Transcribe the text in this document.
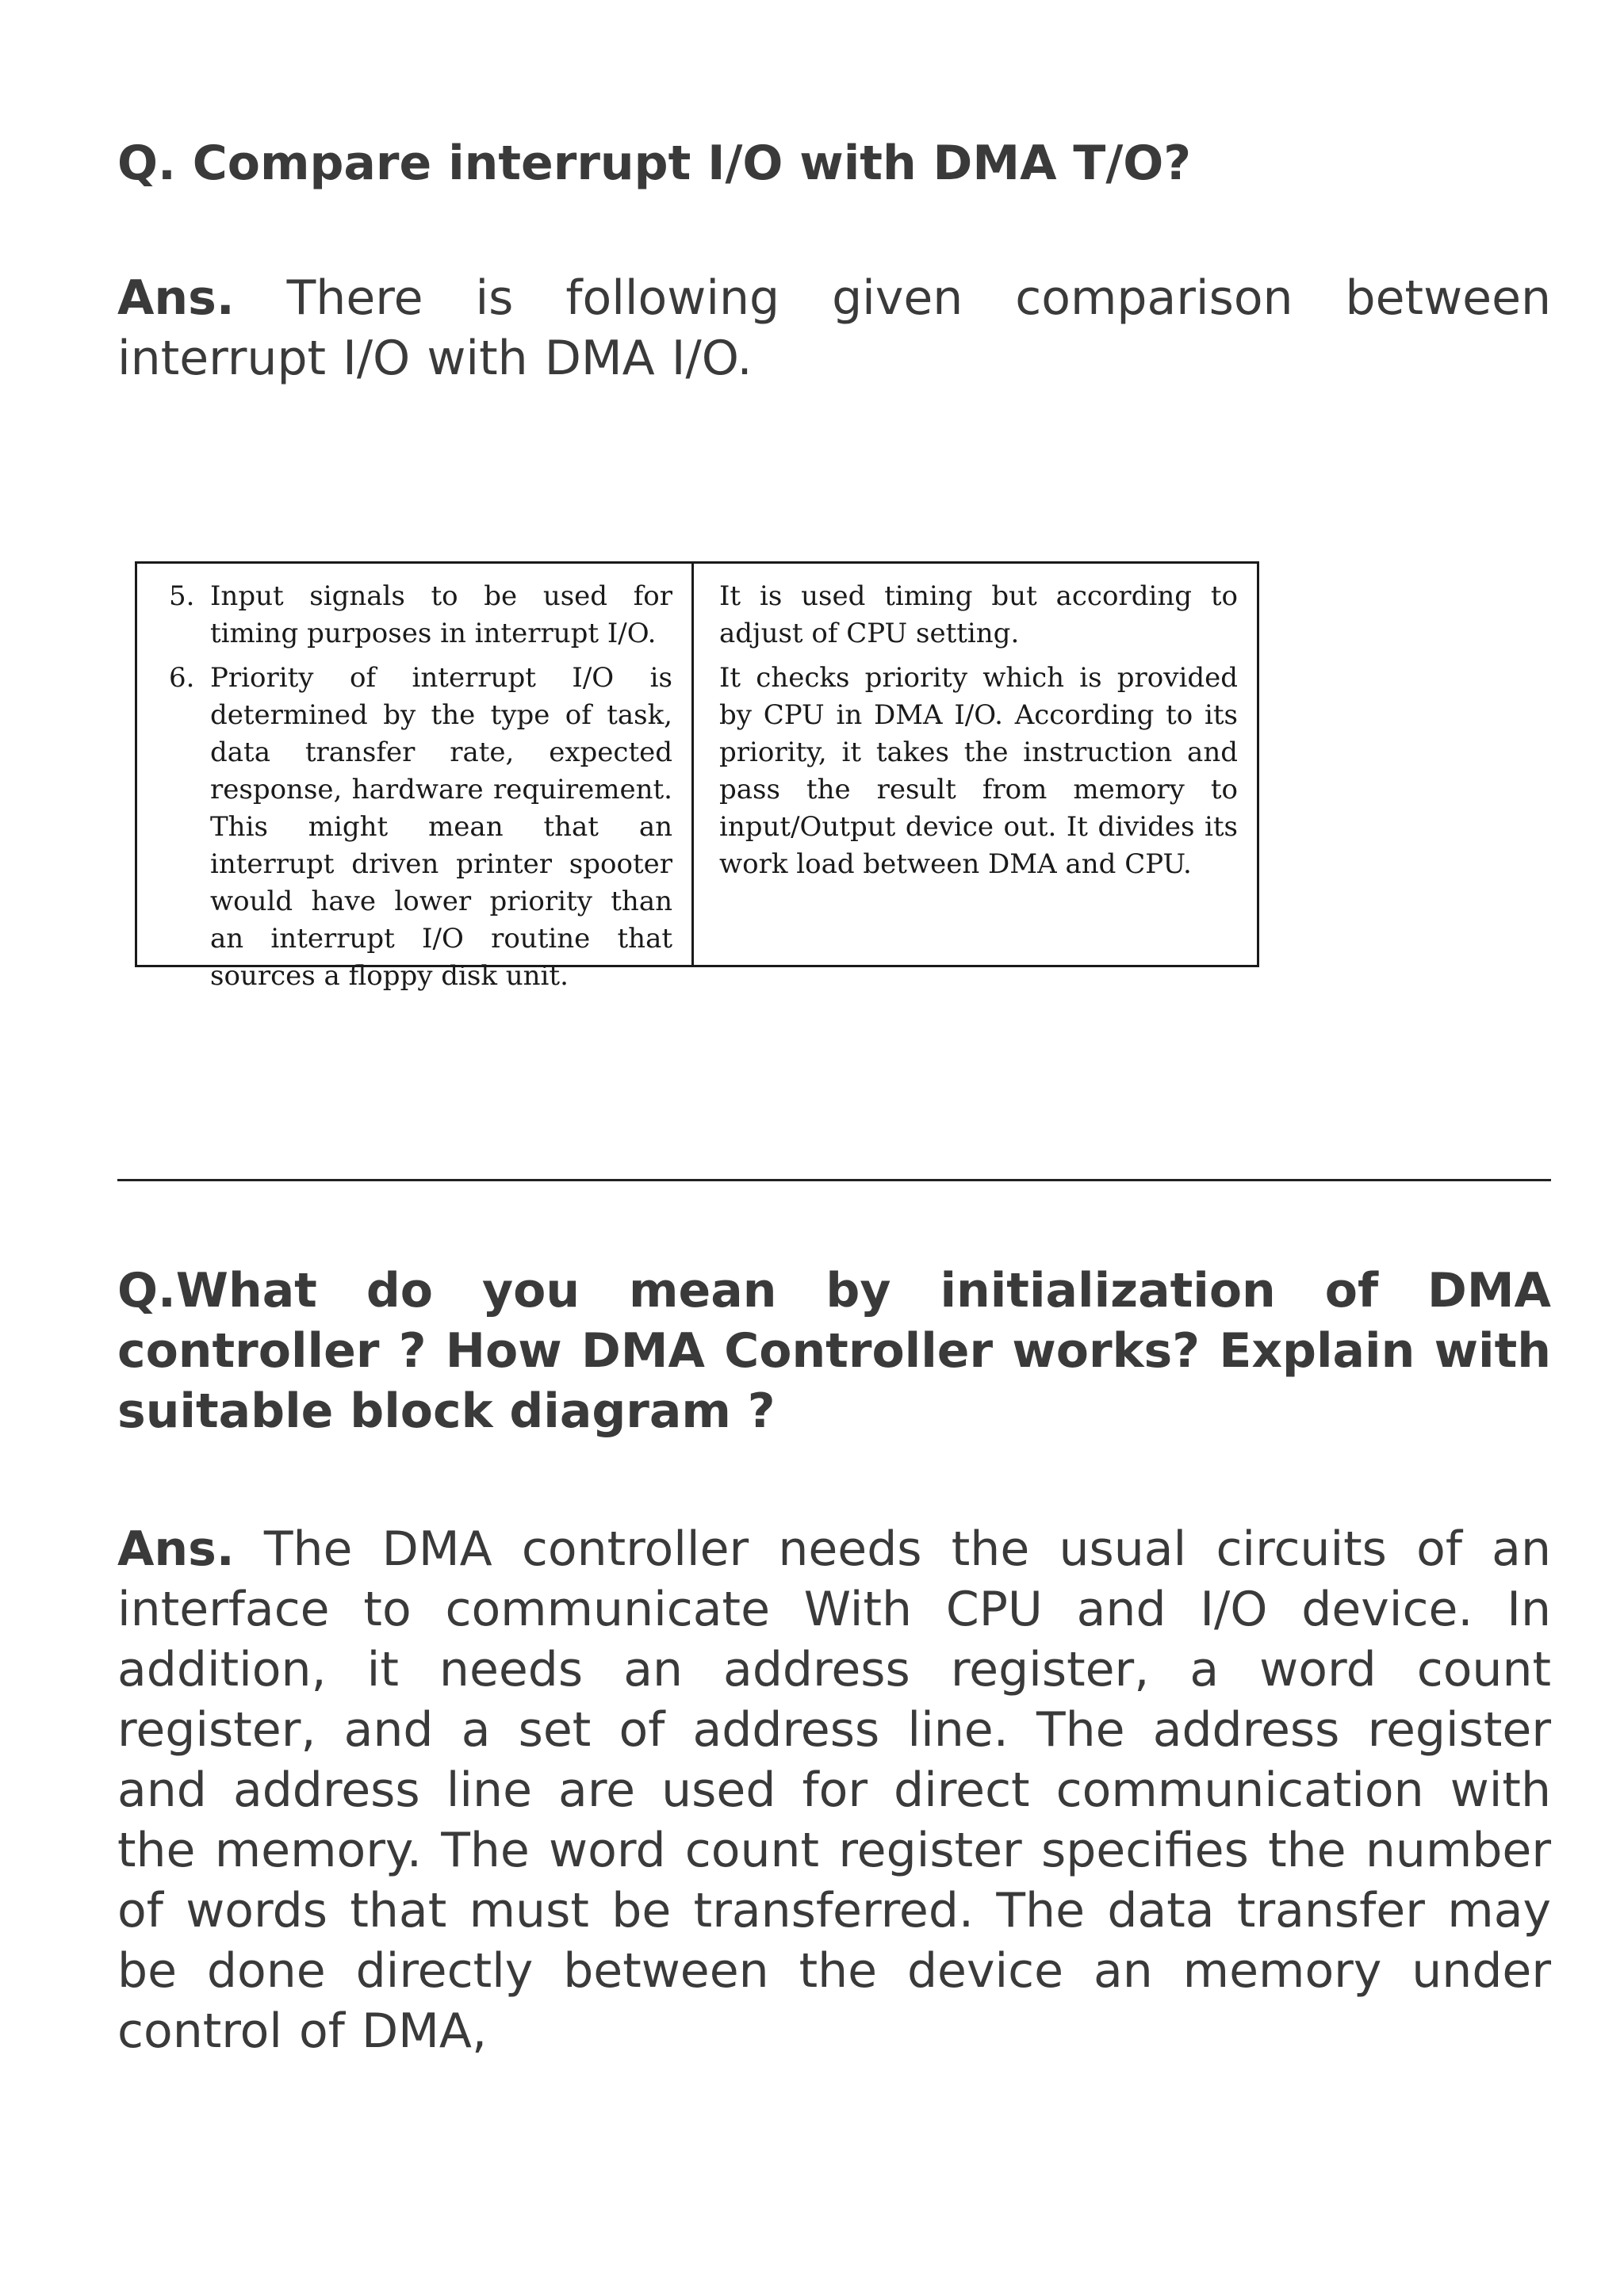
Q. Compare interrupt I/O with DMA T/O?

Ans. There is following given comparison between interrupt I/O with DMA I/O.

5. Input signals to be used for timing purposes in interrupt I/O.
6. Priority of interrupt I/O is determined by the type of task, data transfer rate, expected response, hardware requirement. This might mean that an interrupt driven printer spooter would have lower priority than an interrupt I/O routine that sources a floppy disk unit.

It is used timing but according to adjust of CPU setting.

It checks priority which is provided by CPU in DMA I/O. According to its priority, it takes the instruction and pass the result from memory to input/Output device out. It divides its work load between DMA and CPU.

Q.What do you mean by initialization of DMA controller ? How DMA Controller works? Explain with suitable block diagram ?

Ans. The DMA controller needs the usual circuits of an interface to communicate With CPU and I/O device. In addition, it needs an address register, a word count register, and a set of address line. The address register and address line are used for direct communication with the memory. The word count register specifies the number of words that must be transferred. The data transfer may be done directly between the device an memory under control of DMA,
